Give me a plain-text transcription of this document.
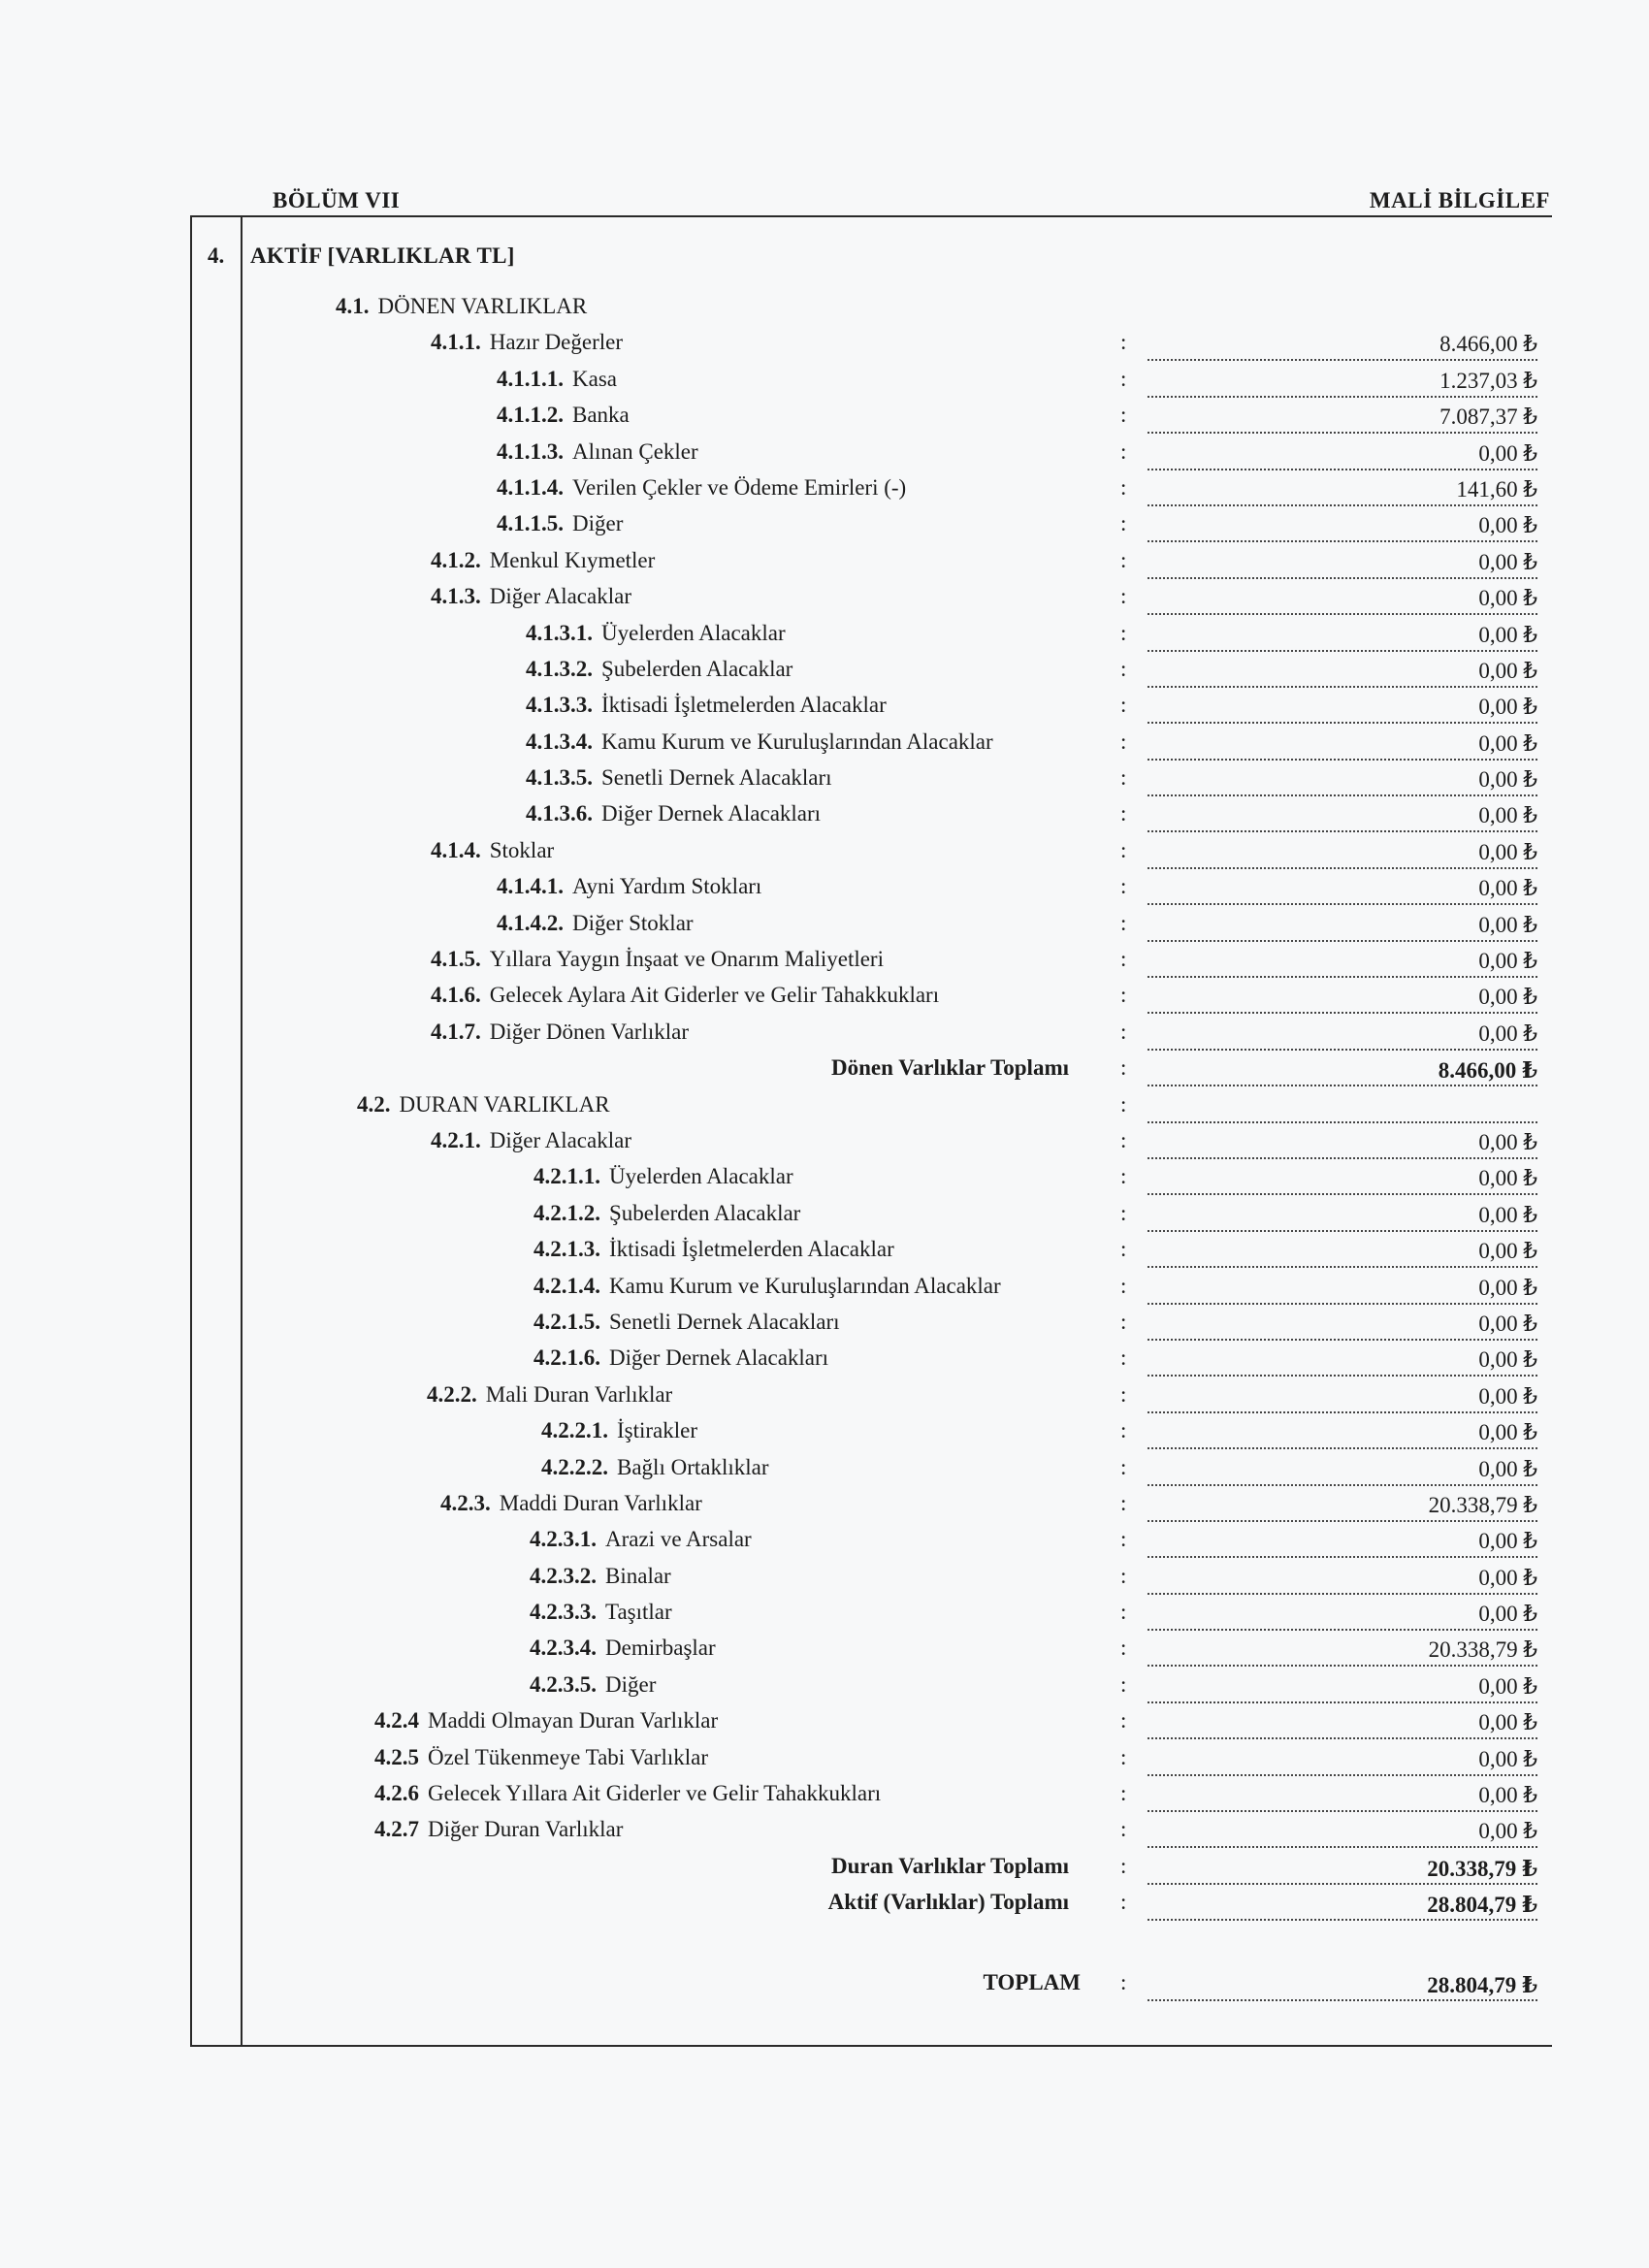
BÖLÜM VII	MALİ BİLGİLEF
4. AKTİF [VARLIKLAR TL]
4.1. DÖNEN VARLIKLAR
4.1.1. Hazır Değerler	:	8.466,00 ₺
4.1.1.1. Kasa	:	1.237,03 ₺
4.1.1.2. Banka	:	7.087,37 ₺
4.1.1.3. Alınan Çekler	:	0,00 ₺
4.1.1.4. Verilen Çekler ve Ödeme Emirleri (-)	:	141,60 ₺
4.1.1.5. Diğer	:	0,00 ₺
4.1.2. Menkul Kıymetler	:	0,00 ₺
4.1.3. Diğer Alacaklar	:	0,00 ₺
4.1.3.1. Üyelerden Alacaklar	:	0,00 ₺
4.1.3.2. Şubelerden Alacaklar	:	0,00 ₺
4.1.3.3. İktisadi İşletmelerden Alacaklar	:	0,00 ₺
4.1.3.4. Kamu Kurum ve Kuruluşlarından Alacaklar	:	0,00 ₺
4.1.3.5. Senetli Dernek Alacakları	:	0,00 ₺
4.1.3.6. Diğer Dernek Alacakları	:	0,00 ₺
4.1.4. Stoklar	:	0,00 ₺
4.1.4.1. Ayni Yardım Stokları	:	0,00 ₺
4.1.4.2. Diğer Stoklar	:	0,00 ₺
4.1.5. Yıllara Yaygın İnşaat ve Onarım Maliyetleri	:	0,00 ₺
4.1.6. Gelecek Aylara Ait Giderler ve Gelir Tahakkukları	:	0,00 ₺
4.1.7. Diğer Dönen Varlıklar	:	0,00 ₺
Dönen Varlıklar Toplamı :	8.466,00 ₺
4.2. DURAN VARLIKLAR	:
4.2.1. Diğer Alacaklar	:	0,00 ₺
4.2.1.1. Üyelerden Alacaklar	:	0,00 ₺
4.2.1.2. Şubelerden Alacaklar	:	0,00 ₺
4.2.1.3. İktisadi İşletmelerden Alacaklar	:	0,00 ₺
4.2.1.4. Kamu Kurum ve Kuruluşlarından Alacaklar	:	0,00 ₺
4.2.1.5. Senetli Dernek Alacakları	:	0,00 ₺
4.2.1.6. Diğer Dernek Alacakları	:	0,00 ₺
4.2.2. Mali Duran Varlıklar	:	0,00 ₺
4.2.2.1. İştirakler	:	0,00 ₺
4.2.2.2. Bağlı Ortaklıklar	:	0,00 ₺
4.2.3. Maddi Duran Varlıklar	:	20.338,79 ₺
4.2.3.1. Arazi ve Arsalar	:	0,00 ₺
4.2.3.2. Binalar	:	0,00 ₺
4.2.3.3. Taşıtlar	:	0,00 ₺
4.2.3.4. Demirbaşlar	:	20.338,79 ₺
4.2.3.5. Diğer	:	0,00 ₺
4.2.4 Maddi Olmayan Duran Varlıklar	:	0,00 ₺
4.2.5 Özel Tükenmeye Tabi Varlıklar	:	0,00 ₺
4.2.6 Gelecek Yıllara Ait Giderler ve Gelir Tahakkukları	:	0,00 ₺
4.2.7 Diğer Duran Varlıklar	:	0,00 ₺
Duran Varlıklar Toplamı :	20.338,79 ₺
Aktif (Varlıklar) Toplamı :	28.804,79 ₺
TOPLAM :	28.804,79 ₺
